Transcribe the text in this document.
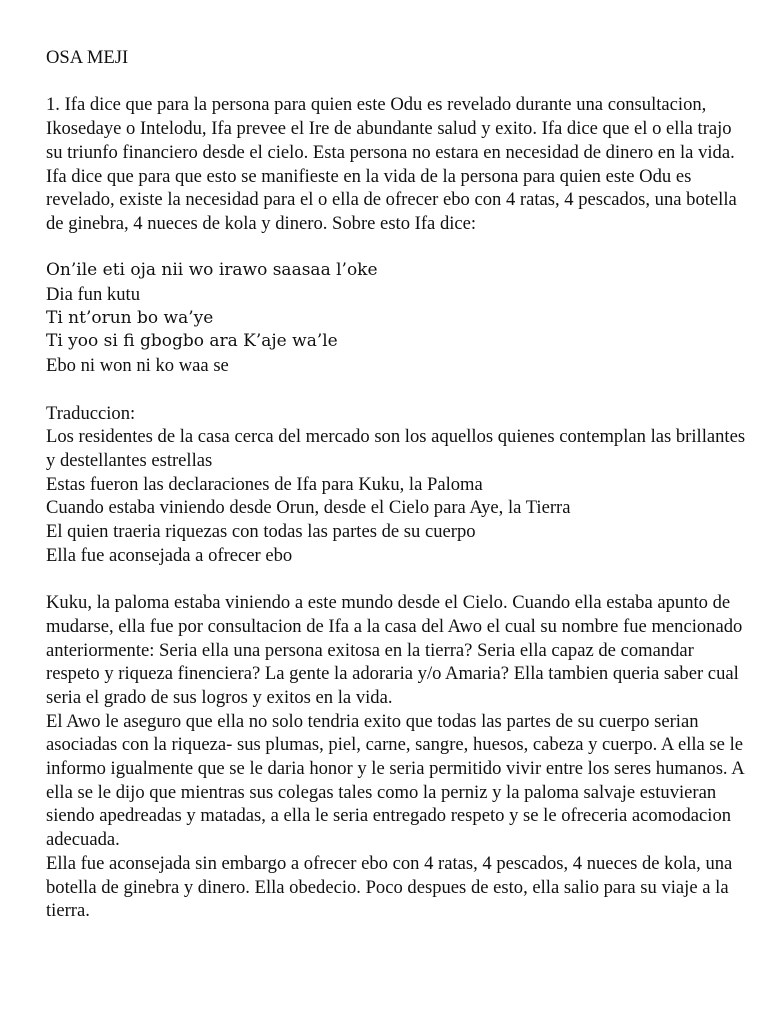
OSA MEJI

1. Ifa dice que para la persona para quien este Odu es revelado durante una consultacion, Ikosedaye o Intelodu, Ifa prevee el Ire de abundante salud y exito. Ifa dice que el o ella trajo su triunfo financiero desde el cielo. Esta persona no estara en necesidad de dinero en la vida.

Ifa dice que para que esto se manifieste en la vida de la persona para quien este Odu es revelado, existe la necesidad para el o ella de ofrecer ebo con 4 ratas, 4 pescados, una botella de ginebra, 4 nueces de kola y dinero. Sobre esto Ifa dice:

On’ile eti oja nii wo irawo saasaa l’oke

Dia fun kutu

Ti nt’orun bo wa’ye

Ti yoo si fi gbogbo ara K’aje wa’le

Ebo ni won ni ko waa se

Traduccion:

Los residentes de la casa cerca del mercado son los aquellos quienes contemplan las brillantes y destellantes estrellas

Estas fueron las declaraciones de Ifa para Kuku, la Paloma

Cuando estaba viniendo desde Orun, desde el Cielo para Aye, la Tierra

El quien traeria riquezas con todas las partes de su cuerpo

Ella fue aconsejada a ofrecer ebo

Kuku, la paloma estaba viniendo a este mundo desde el Cielo. Cuando ella estaba apunto de mudarse, ella fue por consultacion de Ifa a la casa del Awo el cual su nombre fue mencionado anteriormente: Seria ella una persona exitosa en la tierra? Seria ella capaz de comandar respeto y riqueza finenciera? La gente la adoraria y/o Amaria? Ella tambien queria saber cual seria el grado de sus logros y exitos en la vida.

El Awo le aseguro que ella no solo tendria exito que todas las partes de su cuerpo serian asociadas con la riqueza- sus plumas, piel, carne, sangre, huesos, cabeza y cuerpo. A ella se le informo igualmente que se le daria honor y le seria permitido vivir entre los seres humanos. A ella se le dijo que mientras sus colegas tales como la perniz y la paloma salvaje estuvieran siendo apedreadas y matadas, a ella le seria entregado respeto y se le ofreceria acomodacion adecuada.

Ella fue aconsejada sin embargo a ofrecer ebo con 4 ratas, 4 pescados, 4 nueces de kola, una botella de ginebra y dinero. Ella obedecio. Poco despues de esto, ella salio para su viaje a la tierra.
